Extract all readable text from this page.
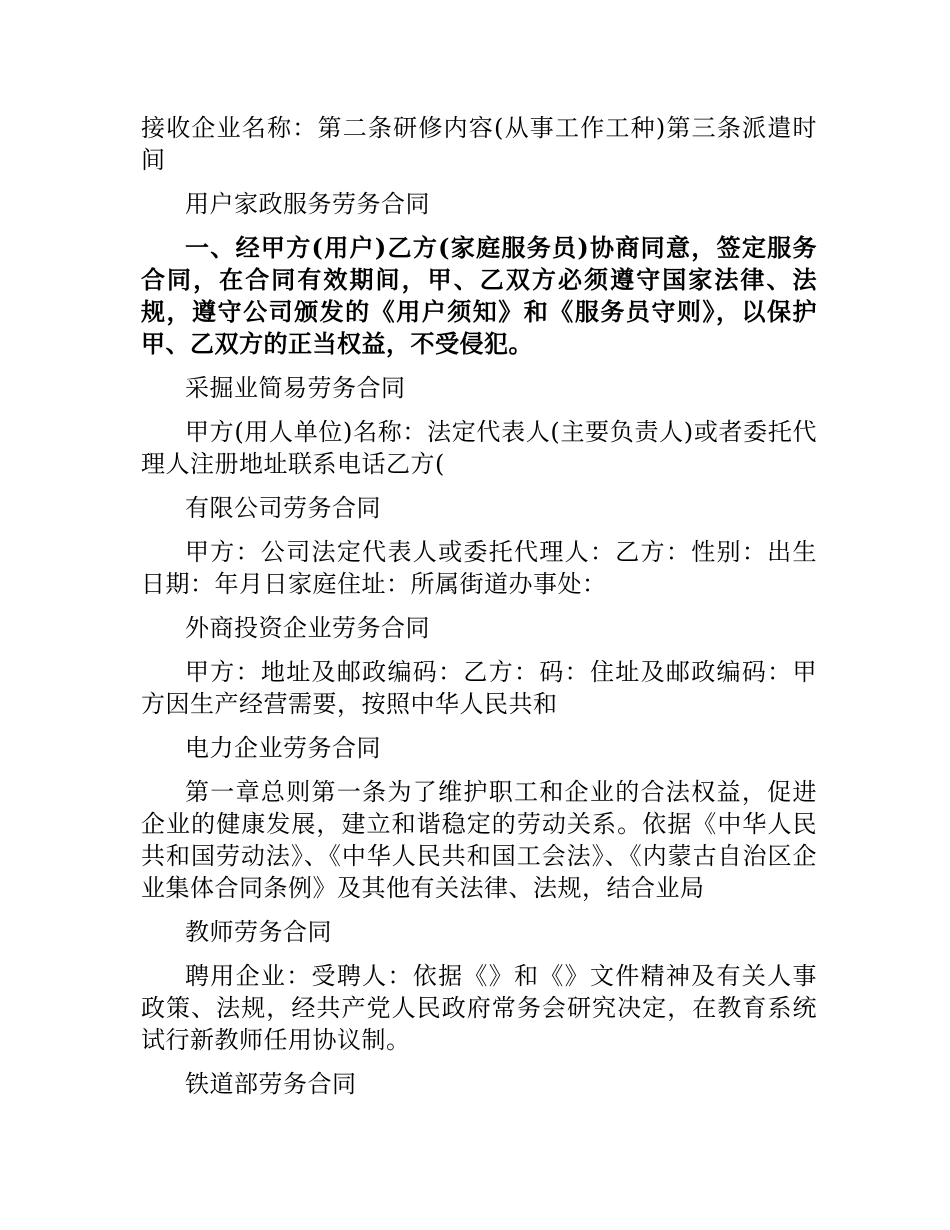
接收企业名称：第二条研修内容(从事工作工种)第三条派遣时间

用户家政服务劳务合同

一、经甲方(用户)乙方(家庭服务员)协商同意，签定服务合同，在合同有效期间，甲、乙双方必须遵守国家法律、法规，遵守公司颁发的《用户须知》和《服务员守则》，以保护甲、乙双方的正当权益，不受侵犯。

采掘业简易劳务合同

甲方(用人单位)名称：法定代表人(主要负责人)或者委托代理人注册地址联系电话乙方(

有限公司劳务合同

甲方：公司法定代表人或委托代理人：乙方：性别：出生日期：年月日家庭住址：所属街道办事处：

外商投资企业劳务合同

甲方：地址及邮政编码：乙方：码：住址及邮政编码：甲方因生产经营需要，按照中华人民共和

电力企业劳务合同

第一章总则第一条为了维护职工和企业的合法权益，促进企业的健康发展，建立和谐稳定的劳动关系。依据《中华人民共和国劳动法》、《中华人民共和国工会法》、《内蒙古自治区企业集体合同条例》及其他有关法律、法规，结合业局

教师劳务合同

聘用企业：受聘人：依据《》和《》文件精神及有关人事政策、法规，经共产党人民政府常务会研究决定，在教育系统试行新教师任用协议制。

铁道部劳务合同
